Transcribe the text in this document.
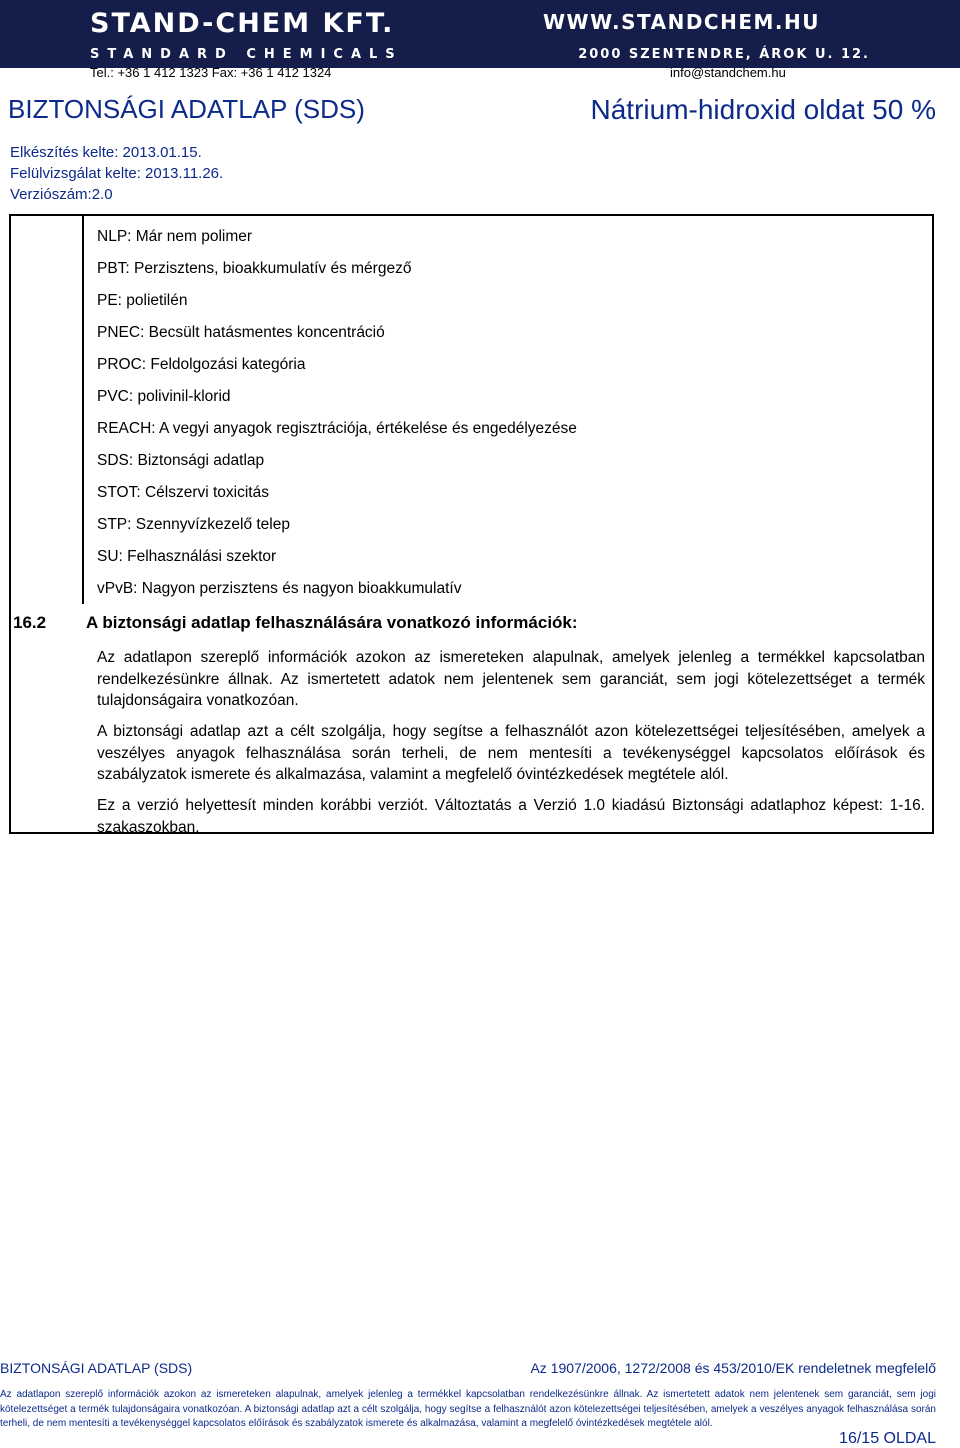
STAND-CHEM KFT.	WWW.STANDCHEM.HU
STANDARD CHEMICALS	2000 SZENTENDRE, ÁROK U. 12.
Tel.: +36 1 412 1323 Fax: +36 1 412 1324	info@standchem.hu
BIZTONSÁGI ADATLAP (SDS)	Nátrium-hidroxid oldat 50 %
Elkészítés kelte: 2013.01.15.
Felülvizsgálat kelte: 2013.11.26.
Verziószám:2.0
NLP: Már nem polimer
PBT: Perzisztens, bioakkumulatív és mérgező
PE: polietilén
PNEC: Becsült hatásmentes koncentráció
PROC: Feldolgozási kategória
PVC: polivinil-klorid
REACH: A vegyi anyagok regisztrációja, értékelése és engedélyezése
SDS: Biztonsági adatlap
STOT: Célszervi toxicitás
STP: Szennyvízkezelő telep
SU: Felhasználási szektor
vPvB: Nagyon perzisztens és nagyon bioakkumulatív
16.2 A biztonsági adatlap felhasználására vonatkozó információk:
Az adatlapon szereplő információk azokon az ismereteken alapulnak, amelyek jelenleg a termékkel kapcsolatban rendelkezésünkre állnak. Az ismertetett adatok nem jelentenek sem garanciát, sem jogi kötelezettséget a termék tulajdonságaira vonatkozóan.
A biztonsági adatlap azt a célt szolgálja, hogy segítse a felhasználót azon kötelezettségei teljesítésében, amelyek a veszélyes anyagok felhasználása során terheli, de nem mentesíti a tevékenységgel kapcsolatos előírások és szabályzatok ismerete és alkalmazása, valamint a megfelelő óvintézkedések megtétele alól.
Ez a verzió helyettesít minden korábbi verziót. Változtatás a Verzió 1.0 kiadású Biztonsági adatlaphoz képest: 1-16. szakaszokban.
BIZTONSÁGI ADATLAP (SDS)	Az 1907/2006, 1272/2008 és 453/2010/EK rendeletnek megfelelő
Az adatlapon szereplő információk azokon az ismereteken alapulnak, amelyek jelenleg a termékkel kapcsolatban rendelkezésünkre állnak. Az ismertetett adatok nem jelentenek sem garanciát, sem jogi kötelezettséget a termék tulajdonságaira vonatkozóan. A biztonsági adatlap azt a célt szolgálja, hogy segítse a felhasználót azon kötelezettségei teljesítésében, amelyek a veszélyes anyagok felhasználása során terheli, de nem mentesíti a tevékenységgel kapcsolatos előírások és szabályzatok ismerete és alkalmazása, valamint a megfelelő óvintézkedések megtétele alól.
16/15 OLDAL
